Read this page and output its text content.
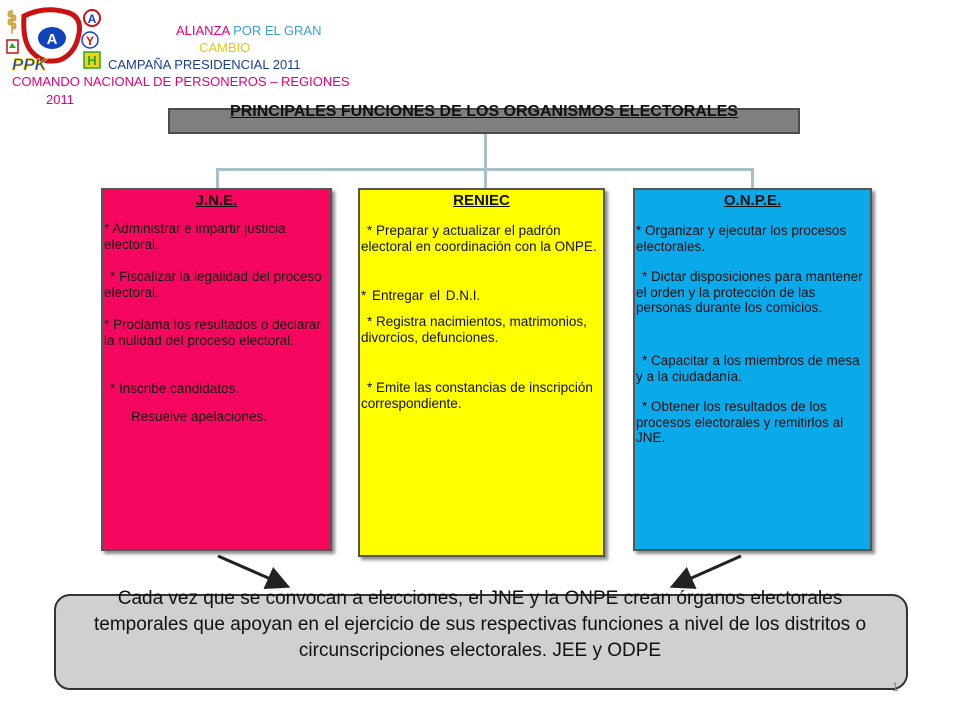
A
A
Y
H
PPK
ALIANZA POR EL GRAN
CAMBIO
CAMPAÑA PRESIDENCIAL 2011
COMANDO NACIONAL DE PERSONEROS – REGIONES
2011
PRINCIPALES FUNCIONES DE LOS ORGANISMOS ELECTORALES
J.N.E.
* Administrar e impartir justicia electoral.
* Fiscalizar la legalidad del proceso electoral.
* Proclama los resultados o declarar la nulidad del proceso electoral.
* Inscribe candidatos.
Resuelve apelaciones.
RENIEC
* Preparar y actualizar el padrón electoral en coordinación con la ONPE.
* Entregar el D.N.I.
* Registra nacimientos, matrimonios, divorcios, defunciones.
* Emite las constancias de inscripción correspondiente.
O.N.P.E.
* Organizar y ejecutar los procesos electorales.
* Dictar disposiciones para mantener el orden y la protección de las personas durante los comicios.
* Capacitar a los miembros de mesa y a la ciudadanía.
* Obtener los resultados de los procesos electorales y remitirlos al JNE.
Cada vez que se convocan a elecciones, el JNE y la ONPE crean órganos electorales temporales que apoyan en el ejercicio de sus respectivas funciones a nivel de los distritos o circunscripciones electorales. JEE y ODPE
1
